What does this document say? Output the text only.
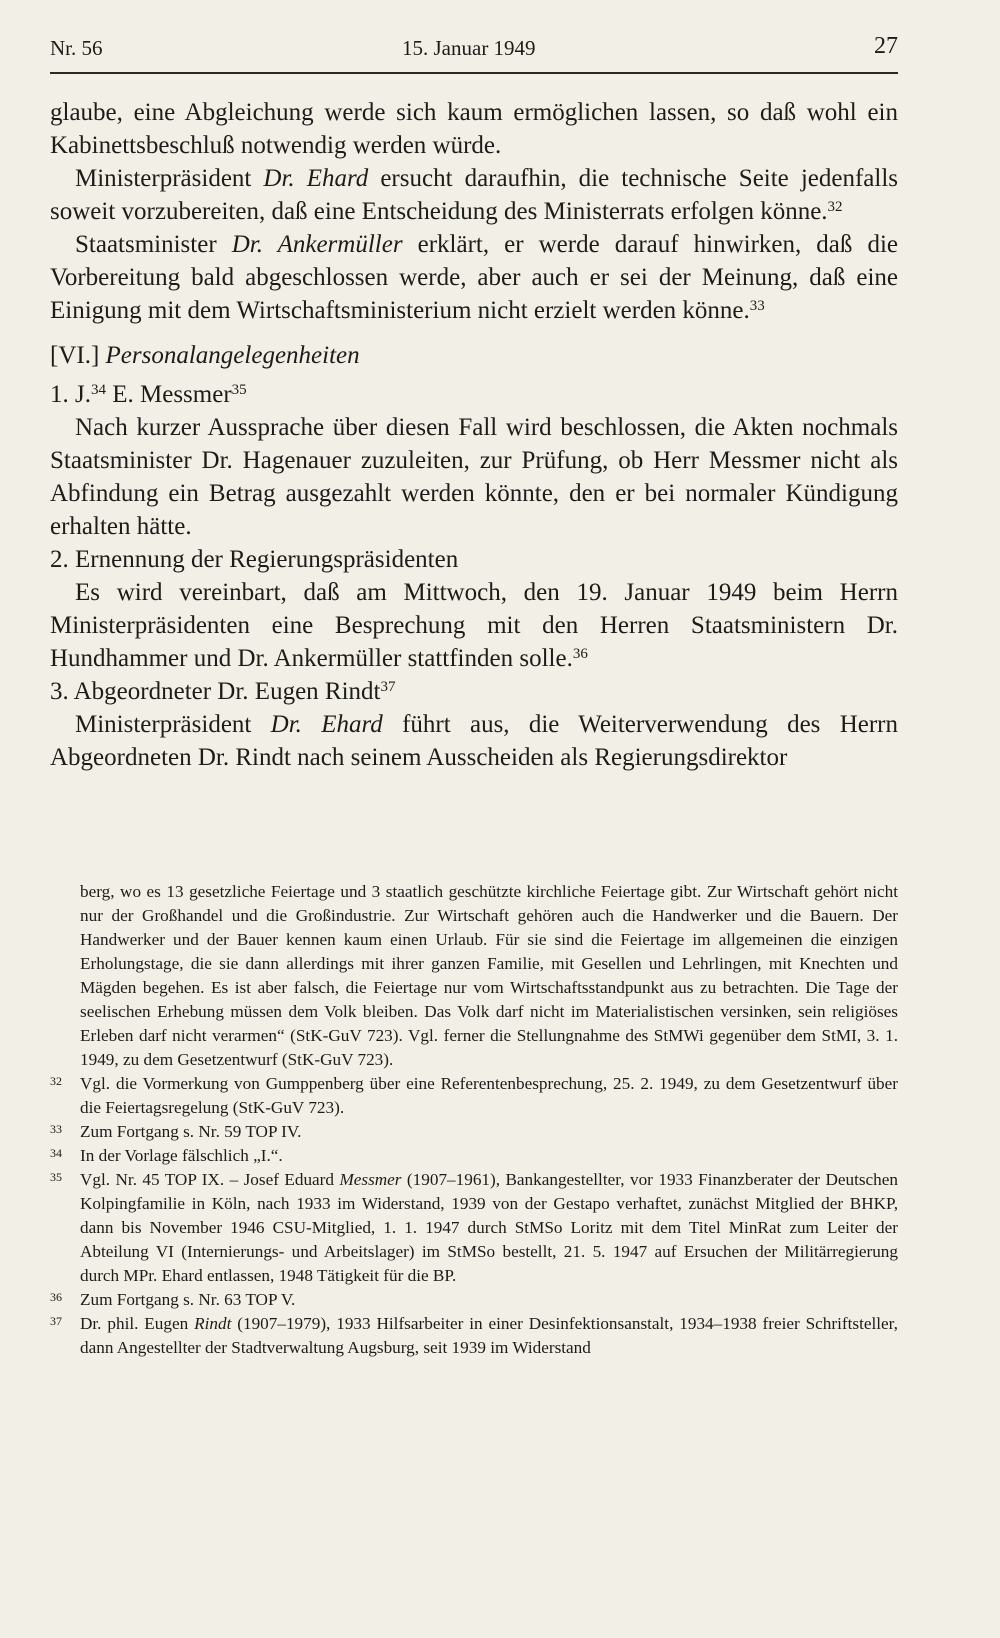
Nr. 56	15. Januar 1949	27

glaube, eine Abgleichung werde sich kaum ermöglichen lassen, so daß wohl ein Kabinettsbeschluß notwendig werden würde.

Ministerpräsident Dr. Ehard ersucht daraufhin, die technische Seite jedenfalls soweit vorzubereiten, daß eine Entscheidung des Ministerrats erfolgen könne.$^{32}$

Staatsminister Dr. Ankermüller erklärt, er werde darauf hinwirken, daß die Vorbereitung bald abgeschlossen werde, aber auch er sei der Meinung, daß eine Einigung mit dem Wirtschaftsministerium nicht erzielt werden könne.$^{33}$

[VI.] Personalangelegenheiten

1. J.$^{34}$ E. Messmer$^{35}$

Nach kurzer Aussprache über diesen Fall wird beschlossen, die Akten nochmals Staatsminister Dr. Hagenauer zuzuleiten, zur Prüfung, ob Herr Messmer nicht als Abfindung ein Betrag ausgezahlt werden könnte, den er bei normaler Kündigung erhalten hätte.

2. Ernennung der Regierungspräsidenten

Es wird vereinbart, daß am Mittwoch, den 19. Januar 1949 beim Herrn Ministerpräsidenten eine Besprechung mit den Herren Staatsministern Dr. Hundhammer und Dr. Ankermüller stattfinden solle.$^{36}$

3. Abgeordneter Dr. Eugen Rindt$^{37}$

Ministerpräsident Dr. Ehard führt aus, die Weiterverwendung des Herrn Abgeordneten Dr. Rindt nach seinem Ausscheiden als Regierungsdirektor

berg, wo es 13 gesetzliche Feiertage und 3 staatlich geschützte kirchliche Feiertage gibt. Zur Wirtschaft gehört nicht nur der Großhandel und die Großindustrie. Zur Wirtschaft gehören auch die Handwerker und die Bauern. Der Handwerker und der Bauer kennen kaum einen Urlaub. Für sie sind die Feiertage im allgemeinen die einzigen Erholungstage, die sie dann allerdings mit ihrer ganzen Familie, mit Gesellen und Lehrlingen, mit Knechten und Mägden begehen. Es ist aber falsch, die Feiertage nur vom Wirtschaftsstandpunkt aus zu betrachten. Die Tage der seelischen Erhebung müssen dem Volk bleiben. Das Volk darf nicht im Materialistischen versinken, sein religiöses Erleben darf nicht verarmen“ (StK-GuV 723). Vgl. ferner die Stellungnahme des StMWi gegenüber dem StMI, 3. 1. 1949, zu dem Gesetzentwurf (StK-GuV 723).

32 Vgl. die Vormerkung von Gumppenberg über eine Referentenbesprechung, 25. 2. 1949, zu dem Gesetzentwurf über die Feiertagsregelung (StK-GuV 723).

33 Zum Fortgang s. Nr. 59 TOP IV.

34 In der Vorlage fälschlich „I.“.

35 Vgl. Nr. 45 TOP IX. – Josef Eduard Messmer (1907–1961), Bankangestellter, vor 1933 Finanzberater der Deutschen Kolpingfamilie in Köln, nach 1933 im Widerstand, 1939 von der Gestapo verhaftet, zunächst Mitglied der BHKP, dann bis November 1946 CSU-Mitglied, 1. 1. 1947 durch StMSo Loritz mit dem Titel MinRat zum Leiter der Abteilung VI (Internierungs- und Arbeitslager) im StMSo bestellt, 21. 5. 1947 auf Ersuchen der Militärregierung durch MPr. Ehard entlassen, 1948 Tätigkeit für die BP.

36 Zum Fortgang s. Nr. 63 TOP V.

37 Dr. phil. Eugen Rindt (1907–1979), 1933 Hilfsarbeiter in einer Desinfektionsanstalt, 1934–1938 freier Schriftsteller, dann Angestellter der Stadtverwaltung Augsburg, seit 1939 im Widerstand
